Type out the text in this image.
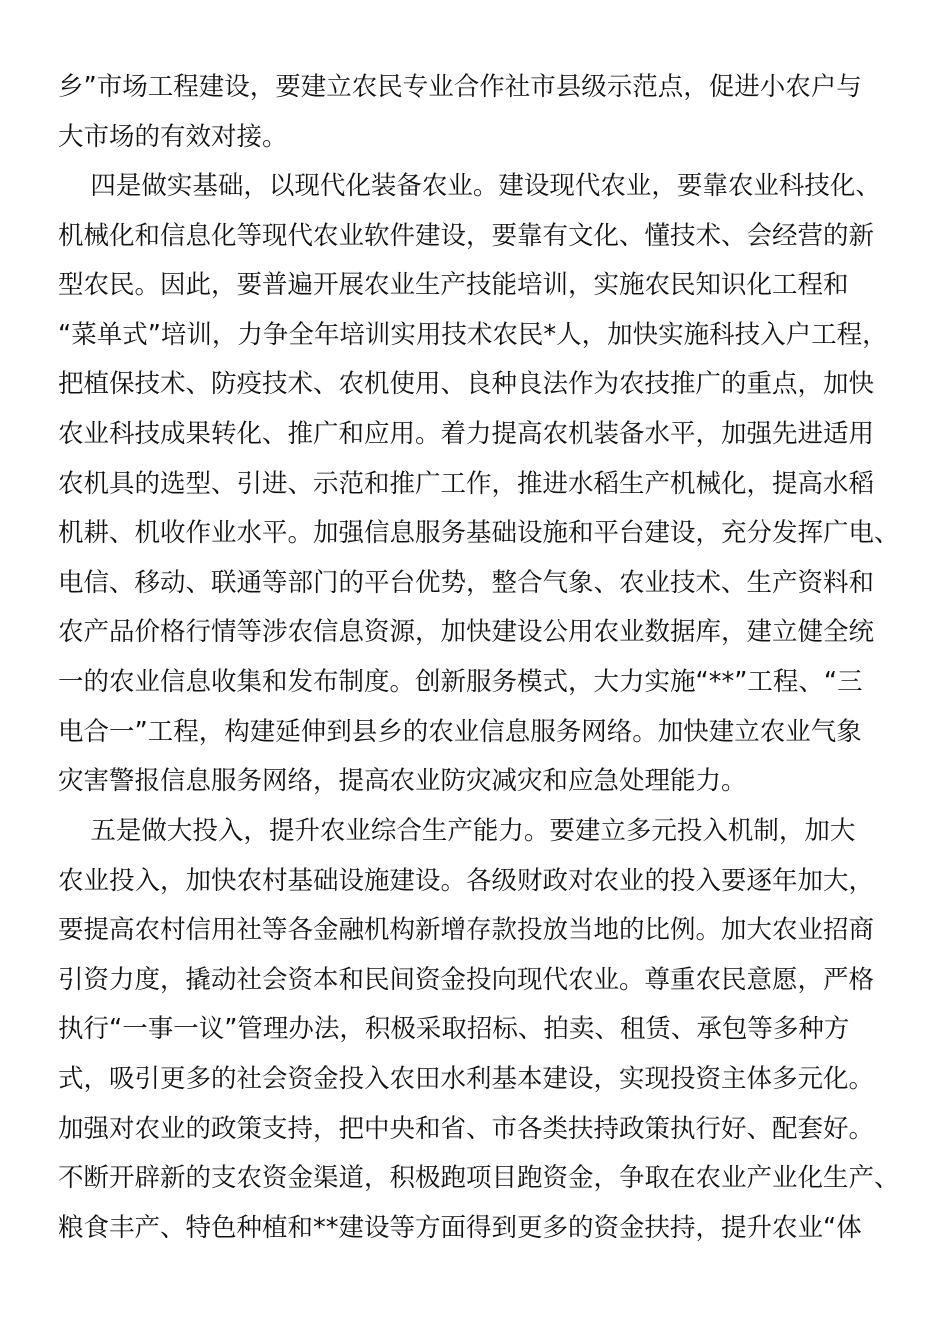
乡”市场工程建设，要建立农民专业合作社市县级示范点，促进小农户与
大市场的有效对接。
四是做实基础，以现代化装备农业。建设现代农业，要靠农业科技化、
机械化和信息化等现代农业软件建设，要靠有文化、懂技术、会经营的新
型农民。因此，要普遍开展农业生产技能培训，实施农民知识化工程和
“菜单式”培训，力争全年培训实用技术农民*人，加快实施科技入户工程，
把植保技术、防疫技术、农机使用、良种良法作为农技推广的重点，加快
农业科技成果转化、推广和应用。着力提高农机装备水平，加强先进适用
农机具的选型、引进、示范和推广工作，推进水稻生产机械化，提高水稻
机耕、机收作业水平。加强信息服务基础设施和平台建设，充分发挥广电、
电信、移动、联通等部门的平台优势，整合气象、农业技术、生产资料和
农产品价格行情等涉农信息资源，加快建设公用农业数据库，建立健全统
一的农业信息收集和发布制度。创新服务模式，大力实施“**”工程、“三
电合一”工程，构建延伸到县乡的农业信息服务网络。加快建立农业气象
灾害警报信息服务网络，提高农业防灾减灾和应急处理能力。
五是做大投入，提升农业综合生产能力。要建立多元投入机制，加大
农业投入，加快农村基础设施建设。各级财政对农业的投入要逐年加大，
要提高农村信用社等各金融机构新增存款投放当地的比例。加大农业招商
引资力度，撬动社会资本和民间资金投向现代农业。尊重农民意愿，严格
执行“一事一议”管理办法，积极采取招标、拍卖、租赁、承包等多种方
式，吸引更多的社会资金投入农田水利基本建设，实现投资主体多元化。
加强对农业的政策支持，把中央和省、市各类扶持政策执行好、配套好。
不断开辟新的支农资金渠道，积极跑项目跑资金，争取在农业产业化生产、
粮食丰产、特色种植和**建设等方面得到更多的资金扶持，提升农业“体
